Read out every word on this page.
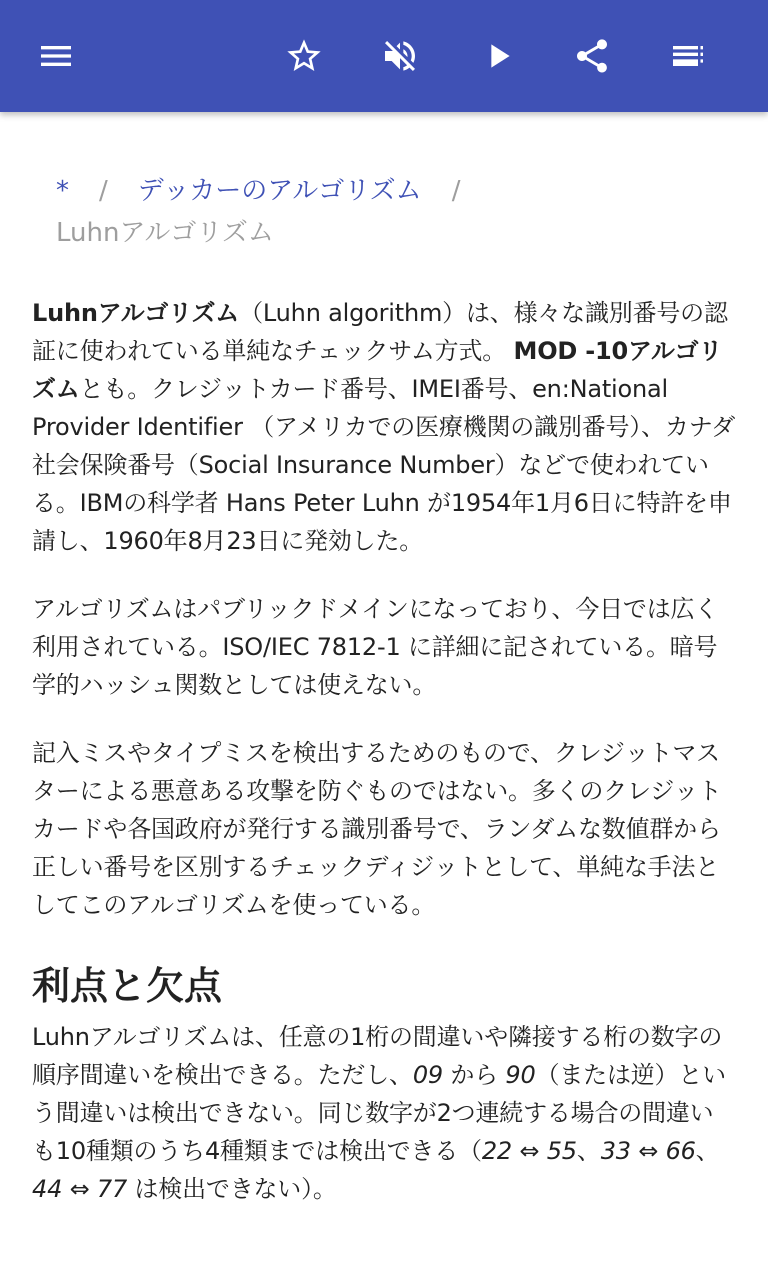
* / デッカーのアルゴリズム /
Luhnアルゴリズム

Luhnアルゴリズム（Luhn algorithm）は、様々な識別番号の認証に使われている単純なチェックサム方式。 MOD -10アルゴリズムとも。クレジットカード番号、IMEI番号、en:National Provider Identifier （アメリカでの医療機関の識別番号）、カナダ社会保険番号（Social Insurance Number）などで使われている。IBMの科学者 Hans Peter Luhn が1954年1月6日に特許を申請し、1960年8月23日に発効した。

アルゴリズムはパブリックドメインになっており、今日では広く利用されている。ISO/IEC 7812-1 に詳細に記されている。暗号学的ハッシュ関数としては使えない。

記入ミスやタイプミスを検出するためのもので、クレジットマスターによる悪意ある攻撃を防ぐものではない。多くのクレジットカードや各国政府が発行する識別番号で、ランダムな数値群から正しい番号を区別するチェックディジットとして、単純な手法としてこのアルゴリズムを使っている。

利点と欠点

Luhnアルゴリズムは、任意の1桁の間違いや隣接する桁の数字の順序間違いを検出できる。ただし、09 から 90（または逆）という間違いは検出できない。同じ数字が2つ連続する場合の間違いも10種類のうち4種類までは検出できる（22 ⇔ 55、33 ⇔ 66、44 ⇔ 77 は検出できない）。
